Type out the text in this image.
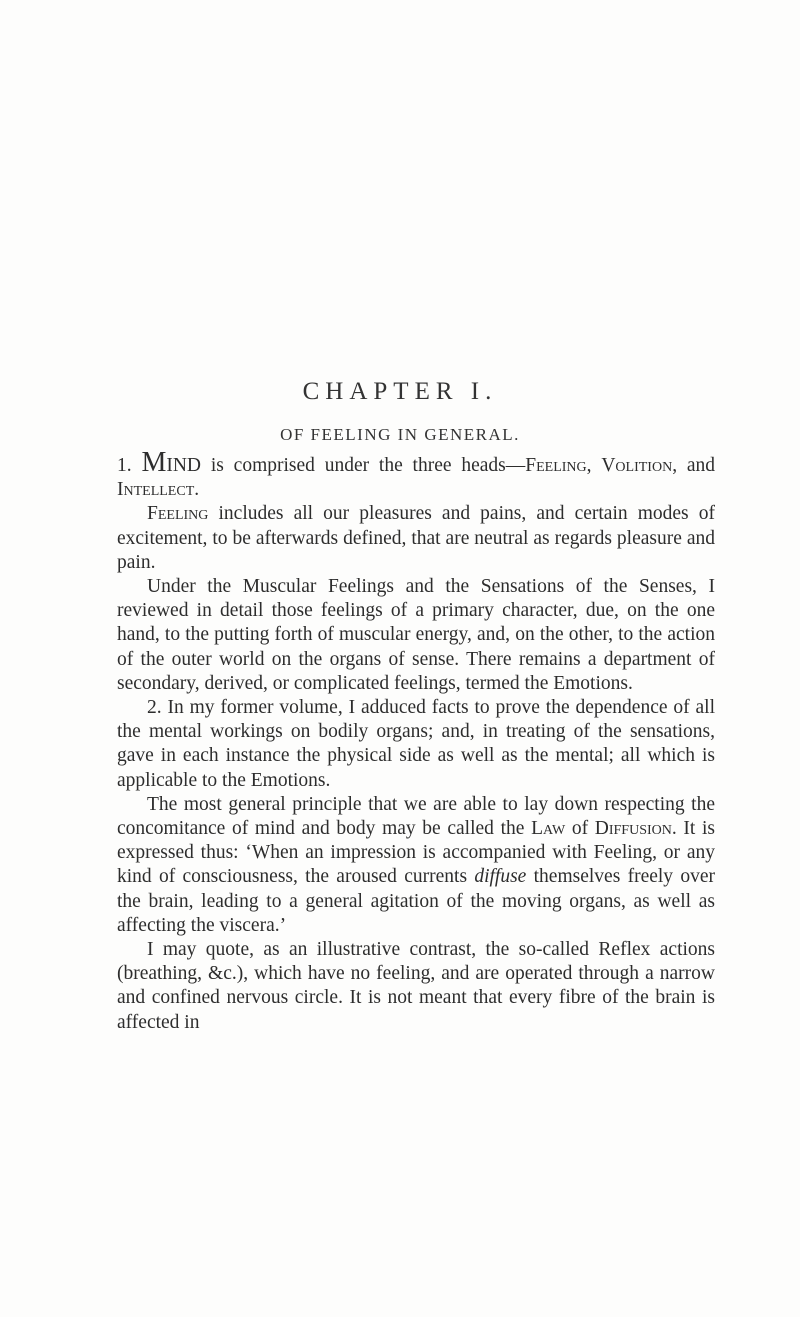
CHAPTER I.
OF FEELING IN GENERAL.

1. MIND is comprised under the three heads—Feeling, Volition, and Intellect.

Feeling includes all our pleasures and pains, and certain modes of excitement, to be afterwards defined, that are neutral as regards pleasure and pain.

Under the Muscular Feelings and the Sensations of the Senses, I reviewed in detail those feelings of a primary character, due, on the one hand, to the putting forth of muscular energy, and, on the other, to the action of the outer world on the organs of sense. There remains a department of secondary, derived, or complicated feelings, termed the Emotions.

2. In my former volume, I adduced facts to prove the dependence of all the mental workings on bodily organs; and, in treating of the sensations, gave in each instance the physical side as well as the mental; all which is applicable to the Emotions.

The most general principle that we are able to lay down respecting the concomitance of mind and body may be called the Law of Diffusion. It is expressed thus: ‘When an impression is accompanied with Feeling, or any kind of consciousness, the aroused currents diffuse themselves freely over the brain, leading to a general agitation of the moving organs, as well as affecting the viscera.’

I may quote, as an illustrative contrast, the so-called Reflex actions (breathing, &c.), which have no feeling, and are operated through a narrow and confined nervous circle. It is not meant that every fibre of the brain is affected in
